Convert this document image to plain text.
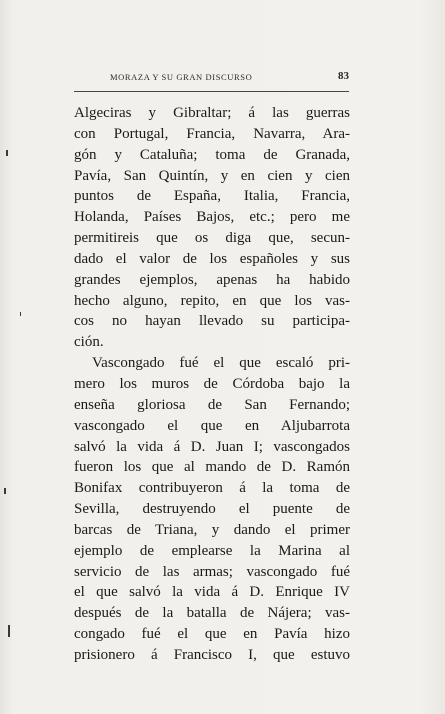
MORAZA Y SU GRAN DISCURSO	83
Algeciras y Gibraltar; á las guerras
con Portugal, Francia, Navarra, Ara-
gón y Cataluña; toma de Granada,
Pavía, San Quintín, y en cien y cien
puntos de España, Italia, Francia,
Holanda, Países Bajos, etc.; pero me
permitireis que os diga que, secun-
dado el valor de los españoles y sus
grandes ejemplos, apenas ha habido
hecho alguno, repito, en que los vas-
cos no hayan llevado su participa-
ción.
Vascongado fué el que escaló pri-
mero los muros de Córdoba bajo la
enseña gloriosa de San Fernando;
vascongado el que en Aljubarrota
salvó la vida á D. Juan I; vascongados
fueron los que al mando de D. Ramón
Bonifax contribuyeron á la toma de
Sevilla, destruyendo el puente de
barcas de Triana, y dando el primer
ejemplo de emplearse la Marina al
servicio de las armas; vascongado fué
el que salvó la vida á D. Enrique IV
después de la batalla de Nájera; vas-
congado fué el que en Pavía hizo
prisionero á Francisco I, que estuvo
